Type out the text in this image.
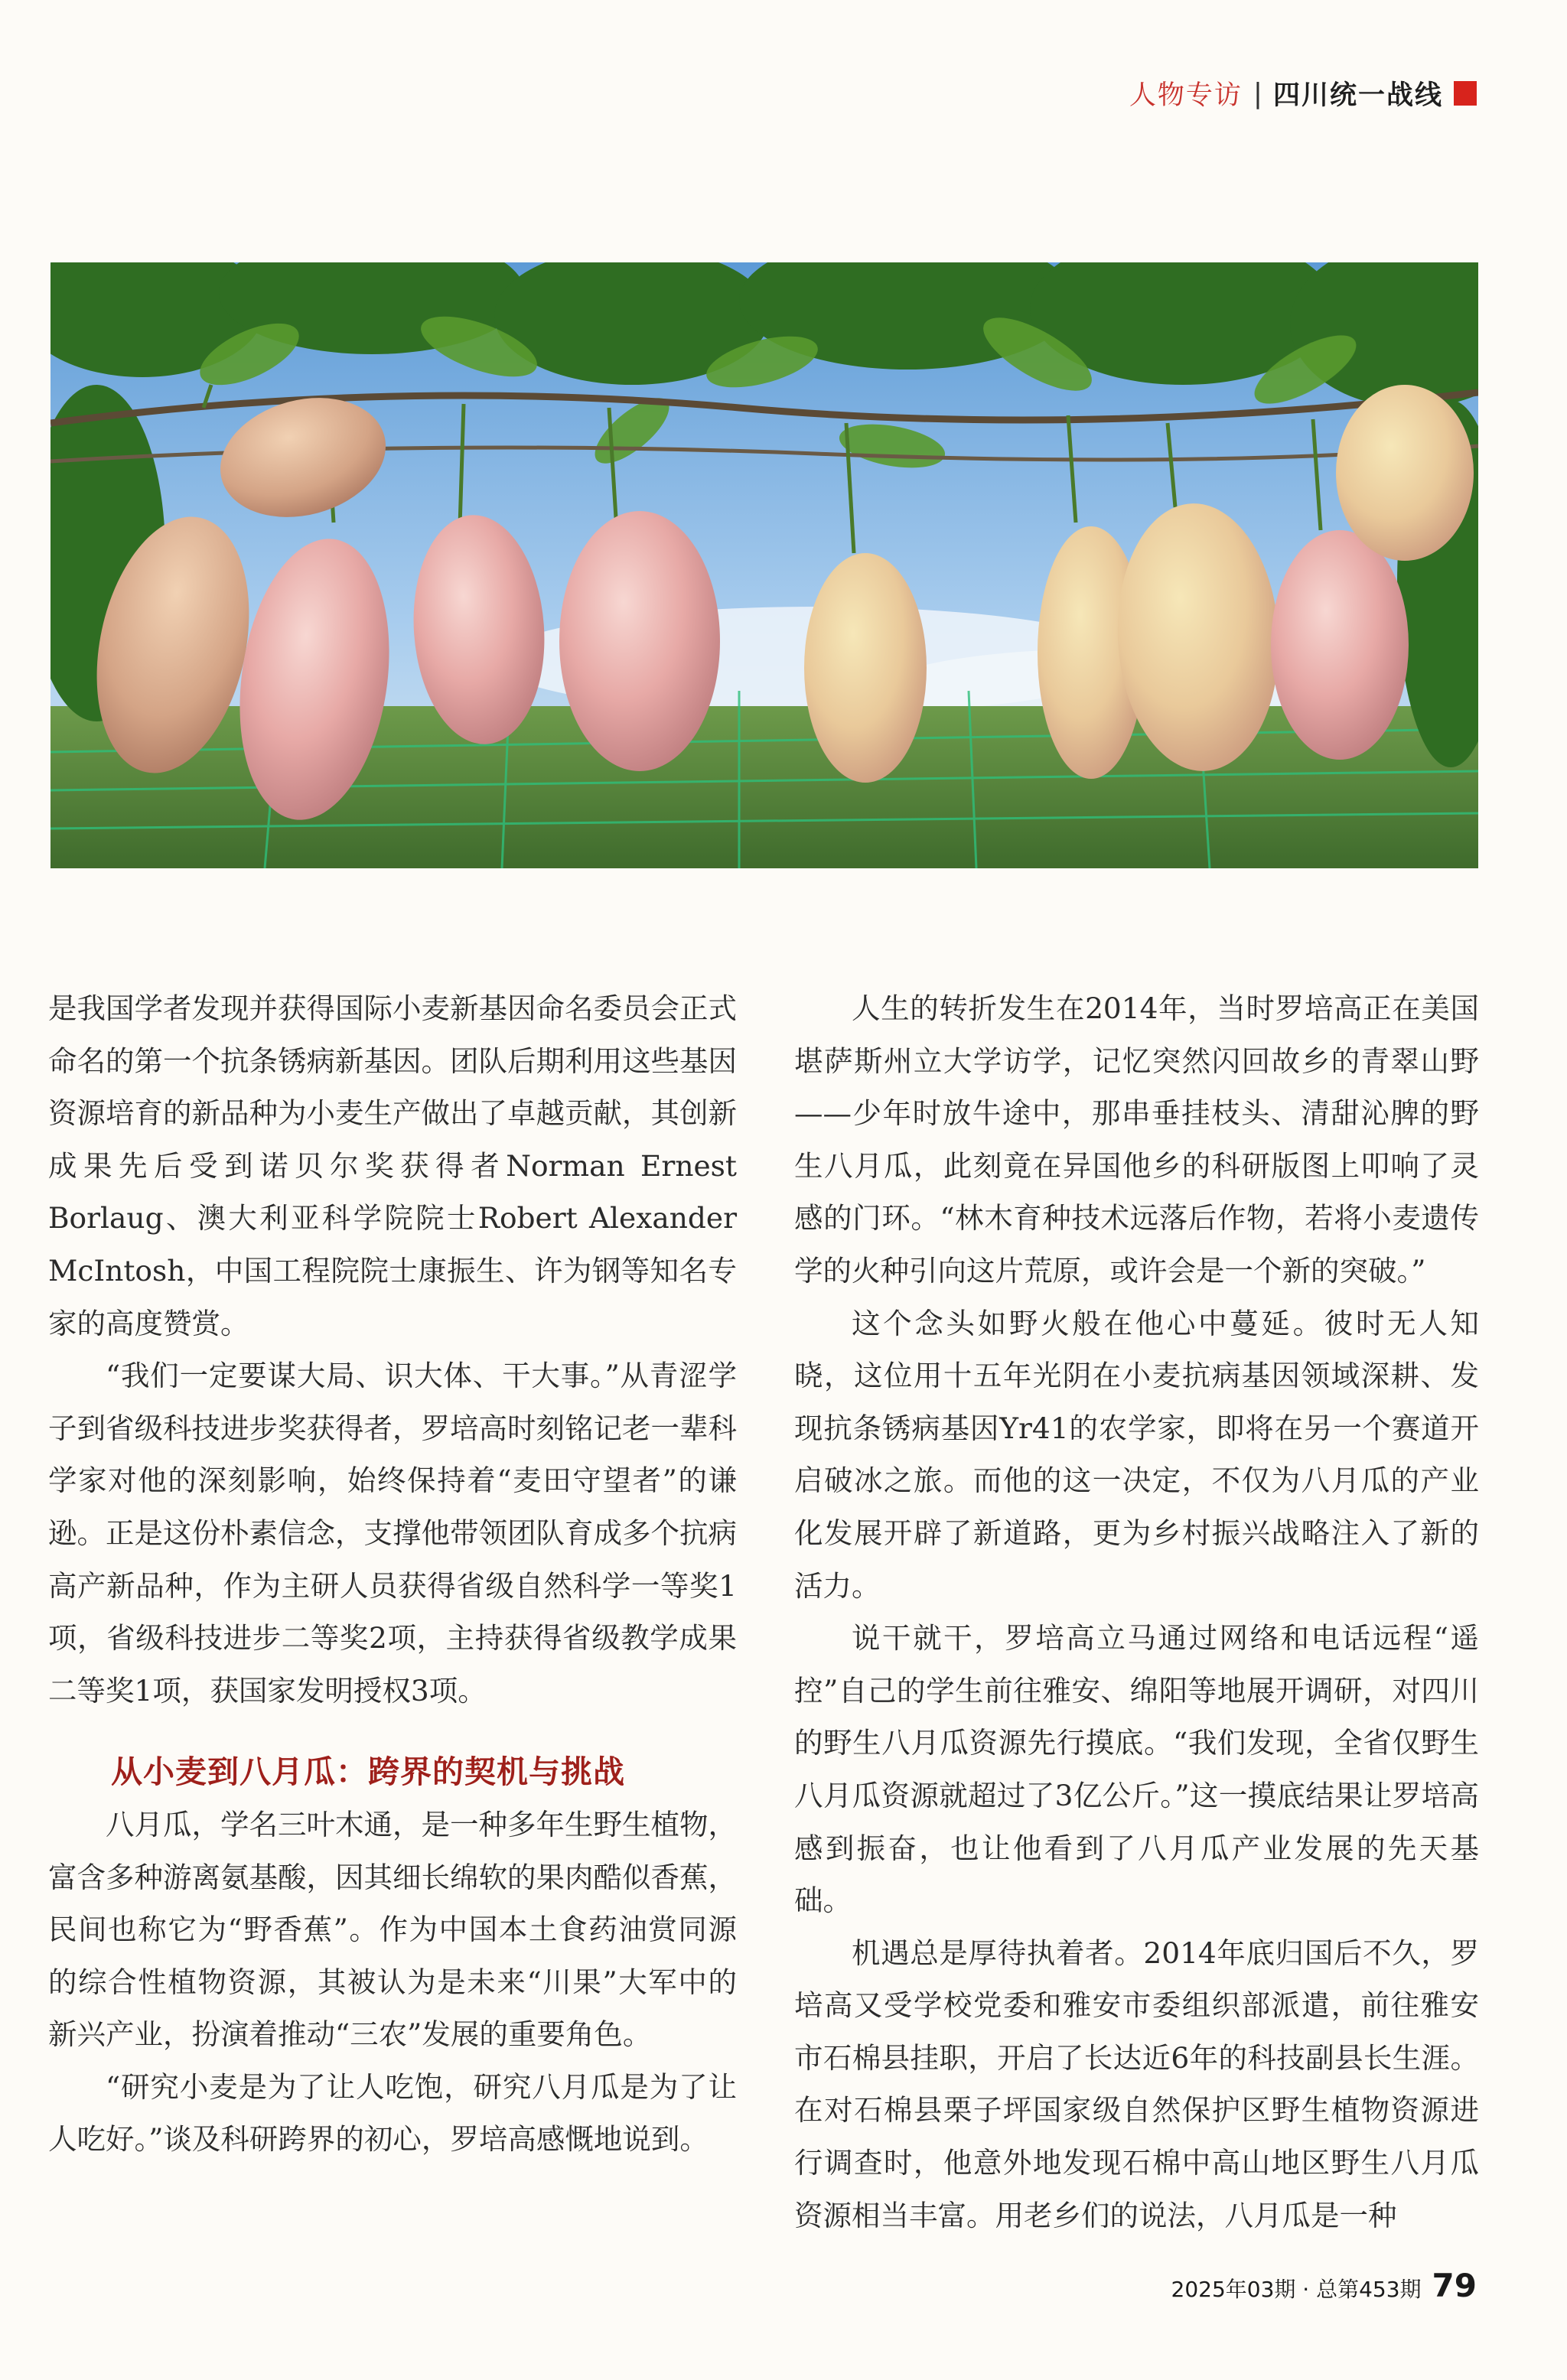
人物专访 | 四川统一战线

是我国学者发现并获得国际小麦新基因命名委员会正式命名的第一个抗条锈病新基因。团队后期利用这些基因资源培育的新品种为小麦生产做出了卓越贡献，其创新成果先后受到诺贝尔奖获得者Norman Ernest Borlaug、澳大利亚科学院院士Robert Alexander McIntosh，中国工程院院士康振生、许为钢等知名专家的高度赞赏。

“我们一定要谋大局、识大体、干大事。”从青涩学子到省级科技进步奖获得者，罗培高时刻铭记老一辈科学家对他的深刻影响，始终保持着“麦田守望者”的谦逊。正是这份朴素信念，支撑他带领团队育成多个抗病高产新品种，作为主研人员获得省级自然科学一等奖1项，省级科技进步二等奖2项，主持获得省级教学成果二等奖1项，获国家发明授权3项。

从小麦到八月瓜：跨界的契机与挑战

八月瓜，学名三叶木通，是一种多年生野生植物，富含多种游离氨基酸，因其细长绵软的果肉酷似香蕉，民间也称它为“野香蕉”。作为中国本土食药油赏同源的综合性植物资源，其被认为是未来“川果”大军中的新兴产业，扮演着推动“三农”发展的重要角色。

“研究小麦是为了让人吃饱，研究八月瓜是为了让人吃好。”谈及科研跨界的初心，罗培高感慨地说到。

人生的转折发生在2014年，当时罗培高正在美国堪萨斯州立大学访学，记忆突然闪回故乡的青翠山野——少年时放牛途中，那串垂挂枝头、清甜沁脾的野生八月瓜，此刻竟在异国他乡的科研版图上叩响了灵感的门环。“林木育种技术远落后作物，若将小麦遗传学的火种引向这片荒原，或许会是一个新的突破。”

这个念头如野火般在他心中蔓延。彼时无人知晓，这位用十五年光阴在小麦抗病基因领域深耕、发现抗条锈病基因Yr41的农学家，即将在另一个赛道开启破冰之旅。而他的这一决定，不仅为八月瓜的产业化发展开辟了新道路，更为乡村振兴战略注入了新的活力。

说干就干，罗培高立马通过网络和电话远程“遥控”自己的学生前往雅安、绵阳等地展开调研，对四川的野生八月瓜资源先行摸底。“我们发现，全省仅野生八月瓜资源就超过了3亿公斤。”这一摸底结果让罗培高感到振奋，也让他看到了八月瓜产业发展的先天基础。

机遇总是厚待执着者。2014年底归国后不久，罗培高又受学校党委和雅安市委组织部派遣，前往雅安市石棉县挂职，开启了长达近6年的科技副县长生涯。在对石棉县栗子坪国家级自然保护区野生植物资源进行调查时，他意外地发现石棉中高山地区野生八月瓜资源相当丰富。用老乡们的说法，八月瓜是一种

2025年03期 · 总第453期 79
